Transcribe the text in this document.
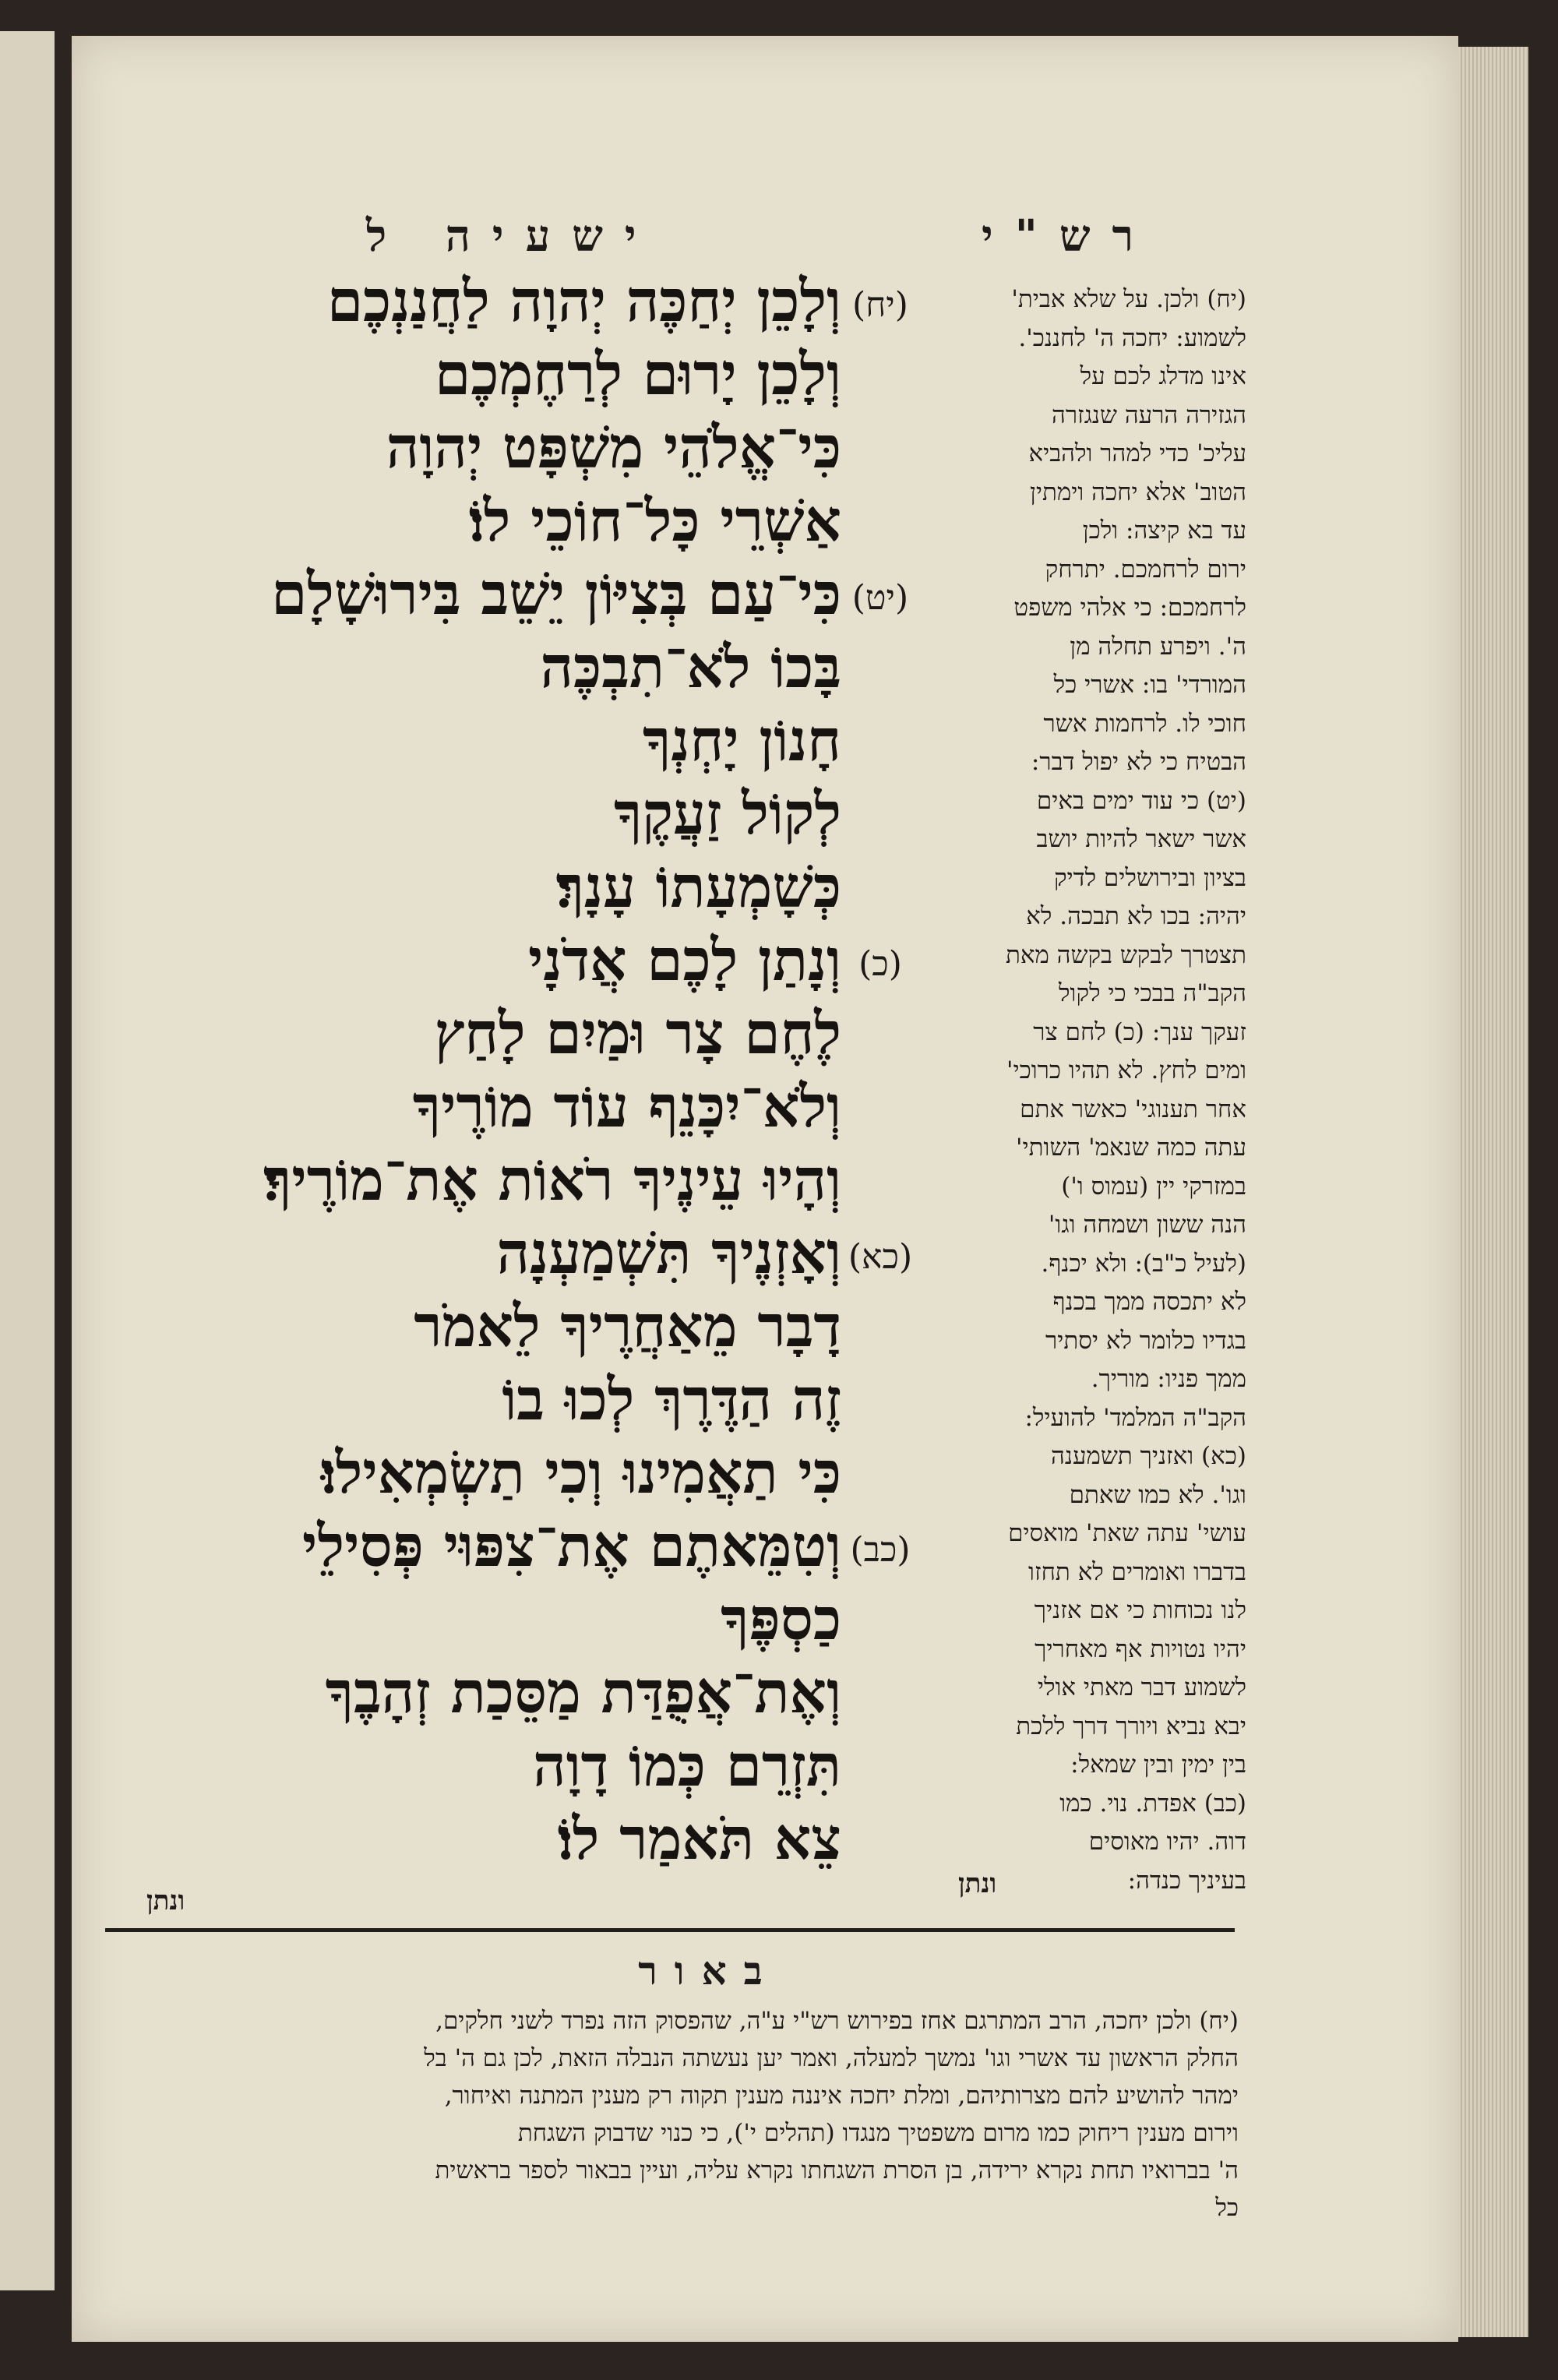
רש"י
ישעיה ל
(יח)
וְלָכֵן יְחַכֶּה יְהוָה לַחֲנַנְכֶם
וְלָכֵן יָרוּם לְרַחֶמְכֶם
כִּי־אֱלֹהֵי מִשְׁפָּט יְהוָה
אַשְׁרֵי כָּל־חוֹכֵי לוֹ׃
(יט)
כִּי־עַם בְּצִיּוֹן יֵשֵׁב בִּירוּשָׁלָם
בָּכוֹ לֹא־תִבְכֶּה
חָנוֹן יָחְנְךָ
לְקוֹל זַעֲקֶךָ
כְּשָׁמְעָתוֹ עָנָךְ׃
(כ)
וְנָתַן לָכֶם אֲדֹנָי
לֶחֶם צָר וּמַיִם לָחַץ
וְלֹא־יִכָּנֵף עוֹד מוֹרֶיךָ
וְהָיוּ עֵינֶיךָ רֹאוֹת אֶת־מוֹרֶיךָ׃
(כא)
וְאָזְנֶיךָ תִּשְׁמַעְנָה
דָבָר מֵאַחֲרֶיךָ לֵאמֹר
זֶה הַדֶּרֶךְ לְכוּ בוֹ
כִּי תַאֲמִינוּ וְכִי תַשְׂמְאִילוּ׃
(כב)
וְטִמֵּאתֶם אֶת־צִפּוּי פְּסִילֵי
כַסְפֶּךָ
וְאֶת־אֲפֻדַּת מַסֵּכַת זְהָבֶךָ
תִּזְרֵם כְּמוֹ דָוָה
צֵא תֹּאמַר לוֹ׃
(יח) ולכן. על שלא אבית'
לשמוע: יחכה ה' לחננכ'.
אינו מדלג לכם על
הגזירה הרעה שנגזרה
עליכ' כדי למהר ולהביא
הטוב' אלא יחכה וימתין
עד בא קיצה: ולכן
ירום לרחמכם. יתרחק
לרחמכם: כי אלהי משפט
ה'. ויפרע תחלה מן
המורדי' בו: אשרי כל
חוכי לו. לרחמות אשר
הבטיח כי לא יפול דבר:
(יט) כי עוד ימים באים
אשר ישאר להיות יושב
בציון ובירושלים לדיק
יהיה: בכו לא תבכה. לא
תצטרך לבקש בקשה מאת
הקב"ה בבכי כי לקול
זעקך ענך: (כ) לחם צר
ומים לחץ. לא תהיו כרוכי'
אחר תענוגי' כאשר אתם
עתה כמה שנאמ' השותי'
במזרקי יין (עמוס ו')
הנה ששון ושמחה וגו'
(לעיל כ"ב): ולא יכנף.
לא יתכסה ממך בכנף
בגדיו כלומר לא יסתיר
ממך פניו: מוריך.
הקב"ה המלמד' להועיל:
(כא) ואזניך תשמענה
וגו'. לא כמו שאתם
עושי' עתה שאת' מואסים
בדברו ואומרים לא תחזו
לנו נכוחות כי אם אזניך
יהיו נטויות אף מאחריך
לשמוע דבר מאתי אולי
יבא נביא ויורך דרך ללכת
בין ימין ובין שמאל:
(כב) אפדת. נוי. כמו
דוה. יהיו מאוסים
בעיניך כנדה:
ונתן
ונתן
באור
(יח) ולכן יחכה, הרב המתרגם אחז בפירוש רש"י ע"ה, שהפסוק הזה נפרד לשני חלקים,
החלק הראשון עד אשרי וגו' נמשך למעלה, ואמר יען נעשתה הנבלה הזאת, לכן גם ה' בל
ימהר להושיע להם מצרותיהם, ומלת יחכה איננה מענין תקוה רק מענין המתנה ואיחור,
וירום מענין ריחוק כמו מרום משפטיך מנגדו (תהלים י'), כי כנוי שדבוק השגחת
ה' בברואיו תחת נקרא ירידה, בן הסרת השגחתו נקרא עליה, ועיין בבאור לספר בראשית
כל
